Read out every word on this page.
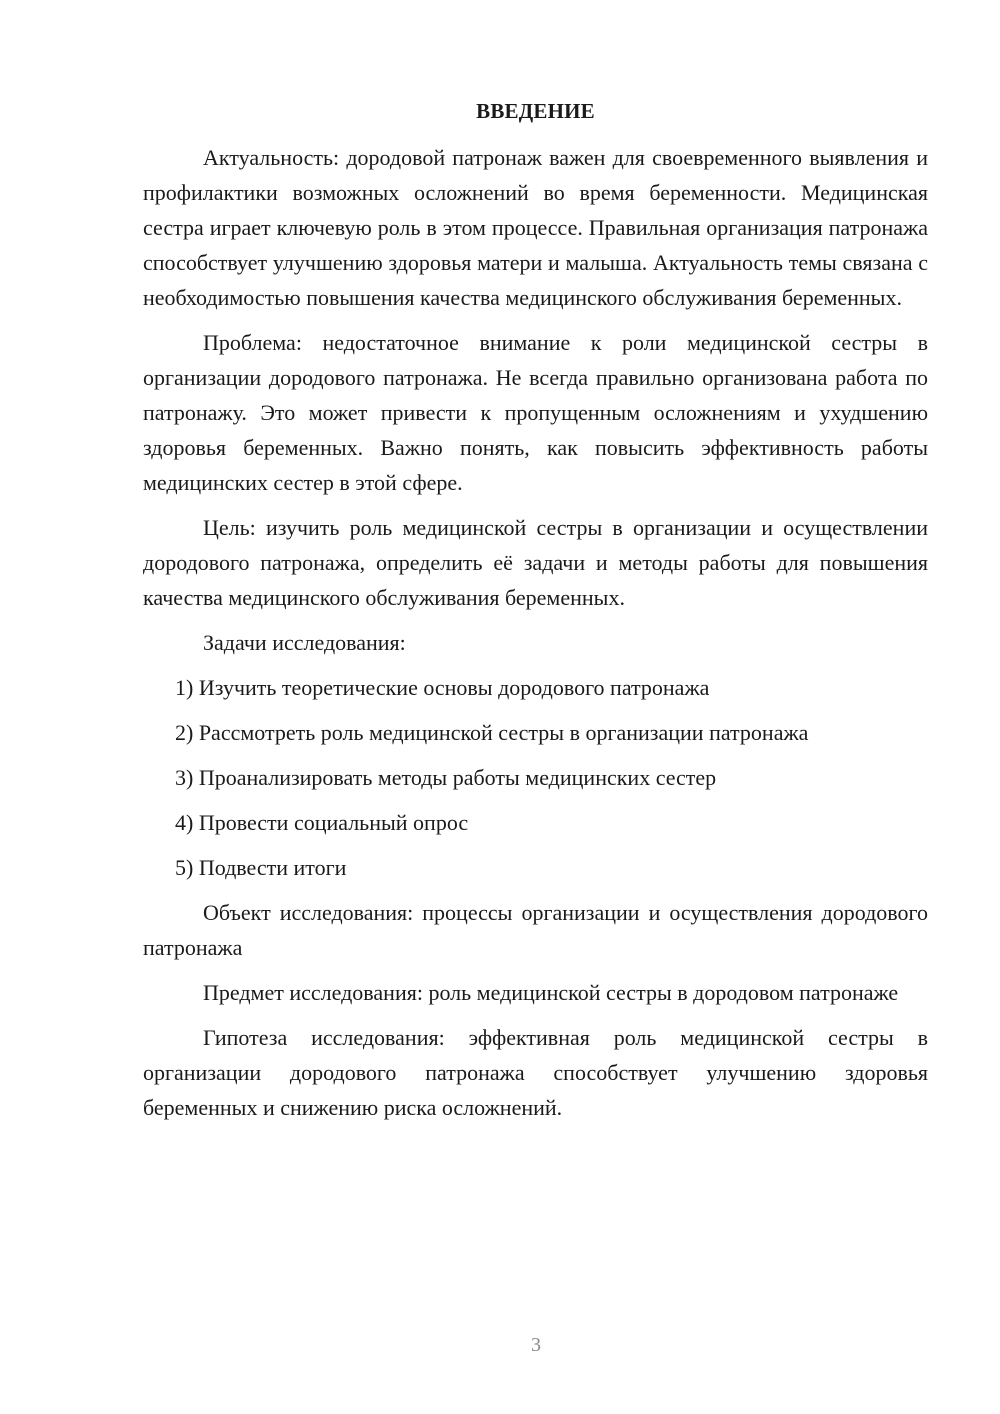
ВВЕДЕНИЕ

Актуальность: дородовой патронаж важен для своевременного выявления и профилактики возможных осложнений во время беременности. Медицинская сестра играет ключевую роль в этом процессе. Правильная организация патронажа способствует улучшению здоровья матери и малыша. Актуальность темы связана с необходимостью повышения качества медицинского обслуживания беременных.

Проблема: недостаточное внимание к роли медицинской сестры в организации дородового патронажа. Не всегда правильно организована работа по патронажу. Это может привести к пропущенным осложнениям и ухудшению здоровья беременных. Важно понять, как повысить эффективность работы медицинских сестер в этой сфере.

Цель: изучить роль медицинской сестры в организации и осуществлении дородового патронажа, определить её задачи и методы работы для повышения качества медицинского обслуживания беременных.

Задачи исследования:

1) Изучить теоретические основы дородового патронажа
2) Рассмотреть роль медицинской сестры в организации патронажа
3) Проанализировать методы работы медицинских сестер
4) Провести социальный опрос
5) Подвести итоги

Объект исследования: процессы организации и осуществления дородового патронажа

Предмет исследования: роль медицинской сестры в дородовом патронаже

Гипотеза исследования: эффективная роль медицинской сестры в организации дородового патронажа способствует улучшению здоровья беременных и снижению риска осложнений.

3
